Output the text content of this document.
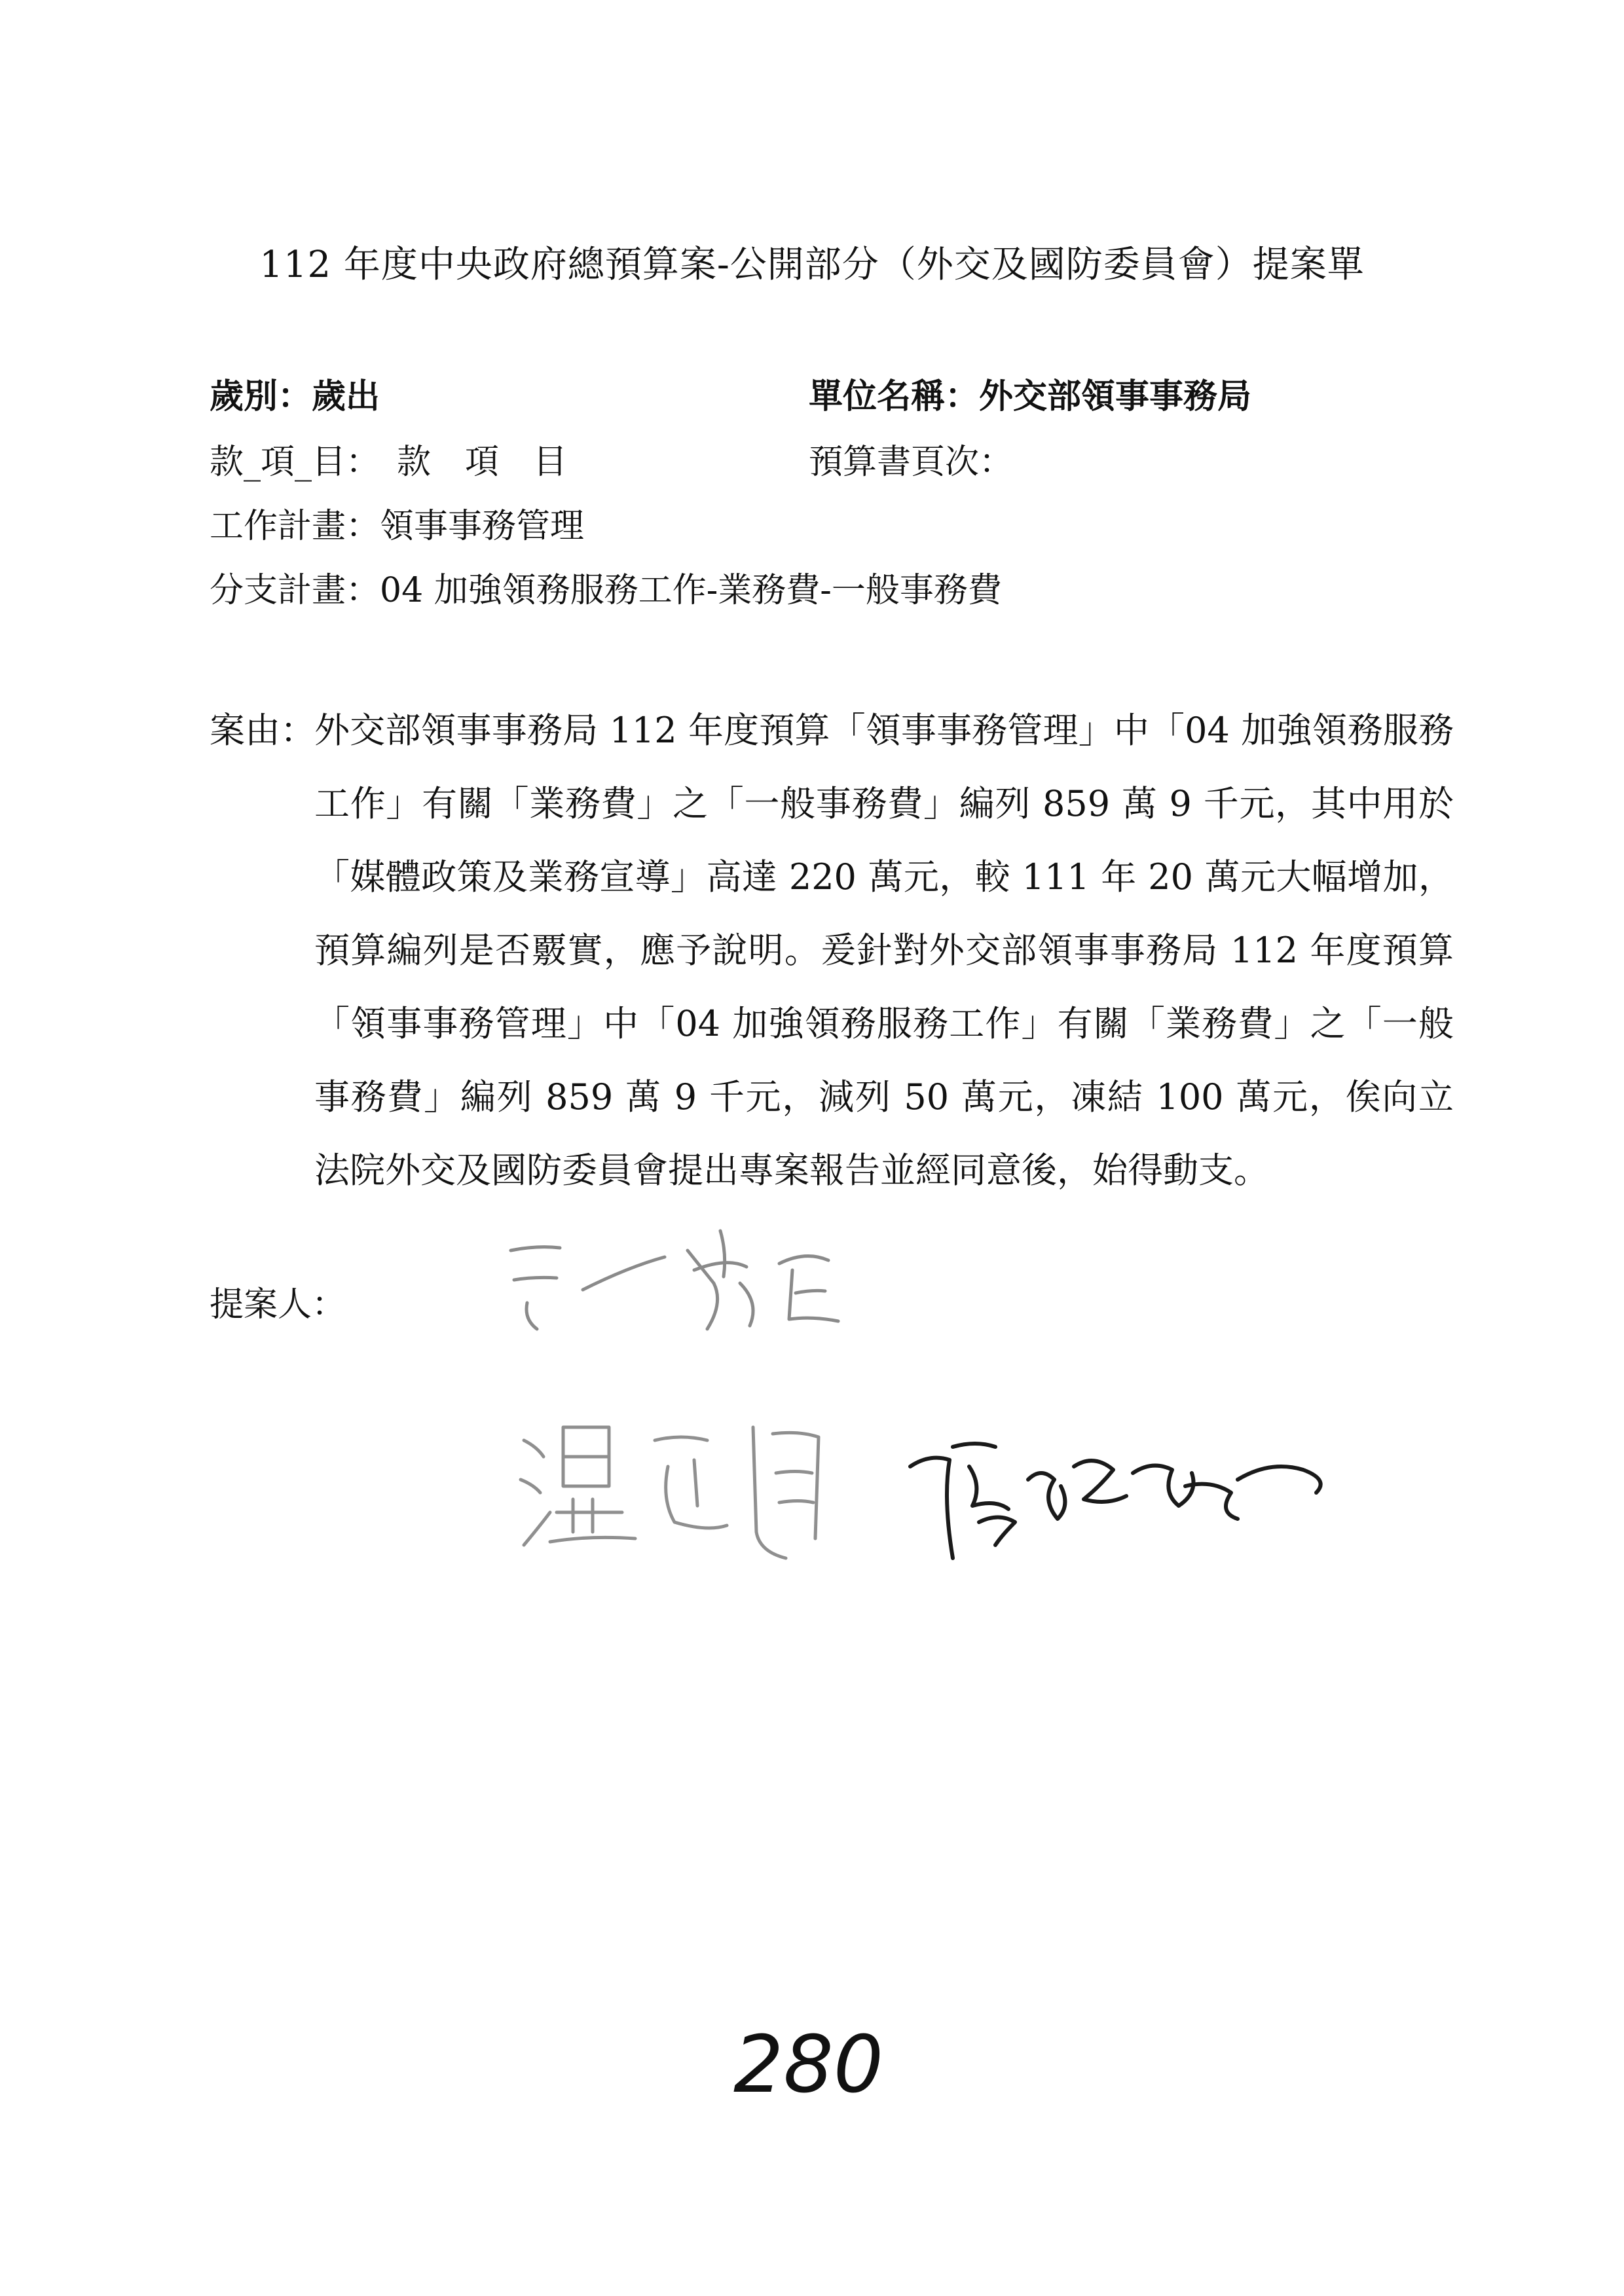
112 年度中央政府總預算案-公開部分（外交及國防委員會）提案單
歲別：歲出	單位名稱：外交部領事事務局
款_項_目：　款　項　目	預算書頁次：
工作計畫：領事事務管理
分支計畫：04 加強領務服務工作-業務費-一般事務費
案由：
外交部領事事務局 112 年度預算「領事事務管理」中「04 加強領務服務工作」有關「業務費」之「一般事務費」編列 859 萬 9 千元，其中用於「媒體政策及業務宣導」高達 220 萬元，較 111 年 20 萬元大幅增加，預算編列是否覈實，應予說明。爰針對外交部領事事務局 112 年度預算「領事事務管理」中「04 加強領務服務工作」有關「業務費」之「一般事務費」編列 859 萬 9 千元，減列 50 萬元，凍結 100 萬元，俟向立法院外交及國防委員會提出專案報告並經同意後，始得動支。
提案人：
280
